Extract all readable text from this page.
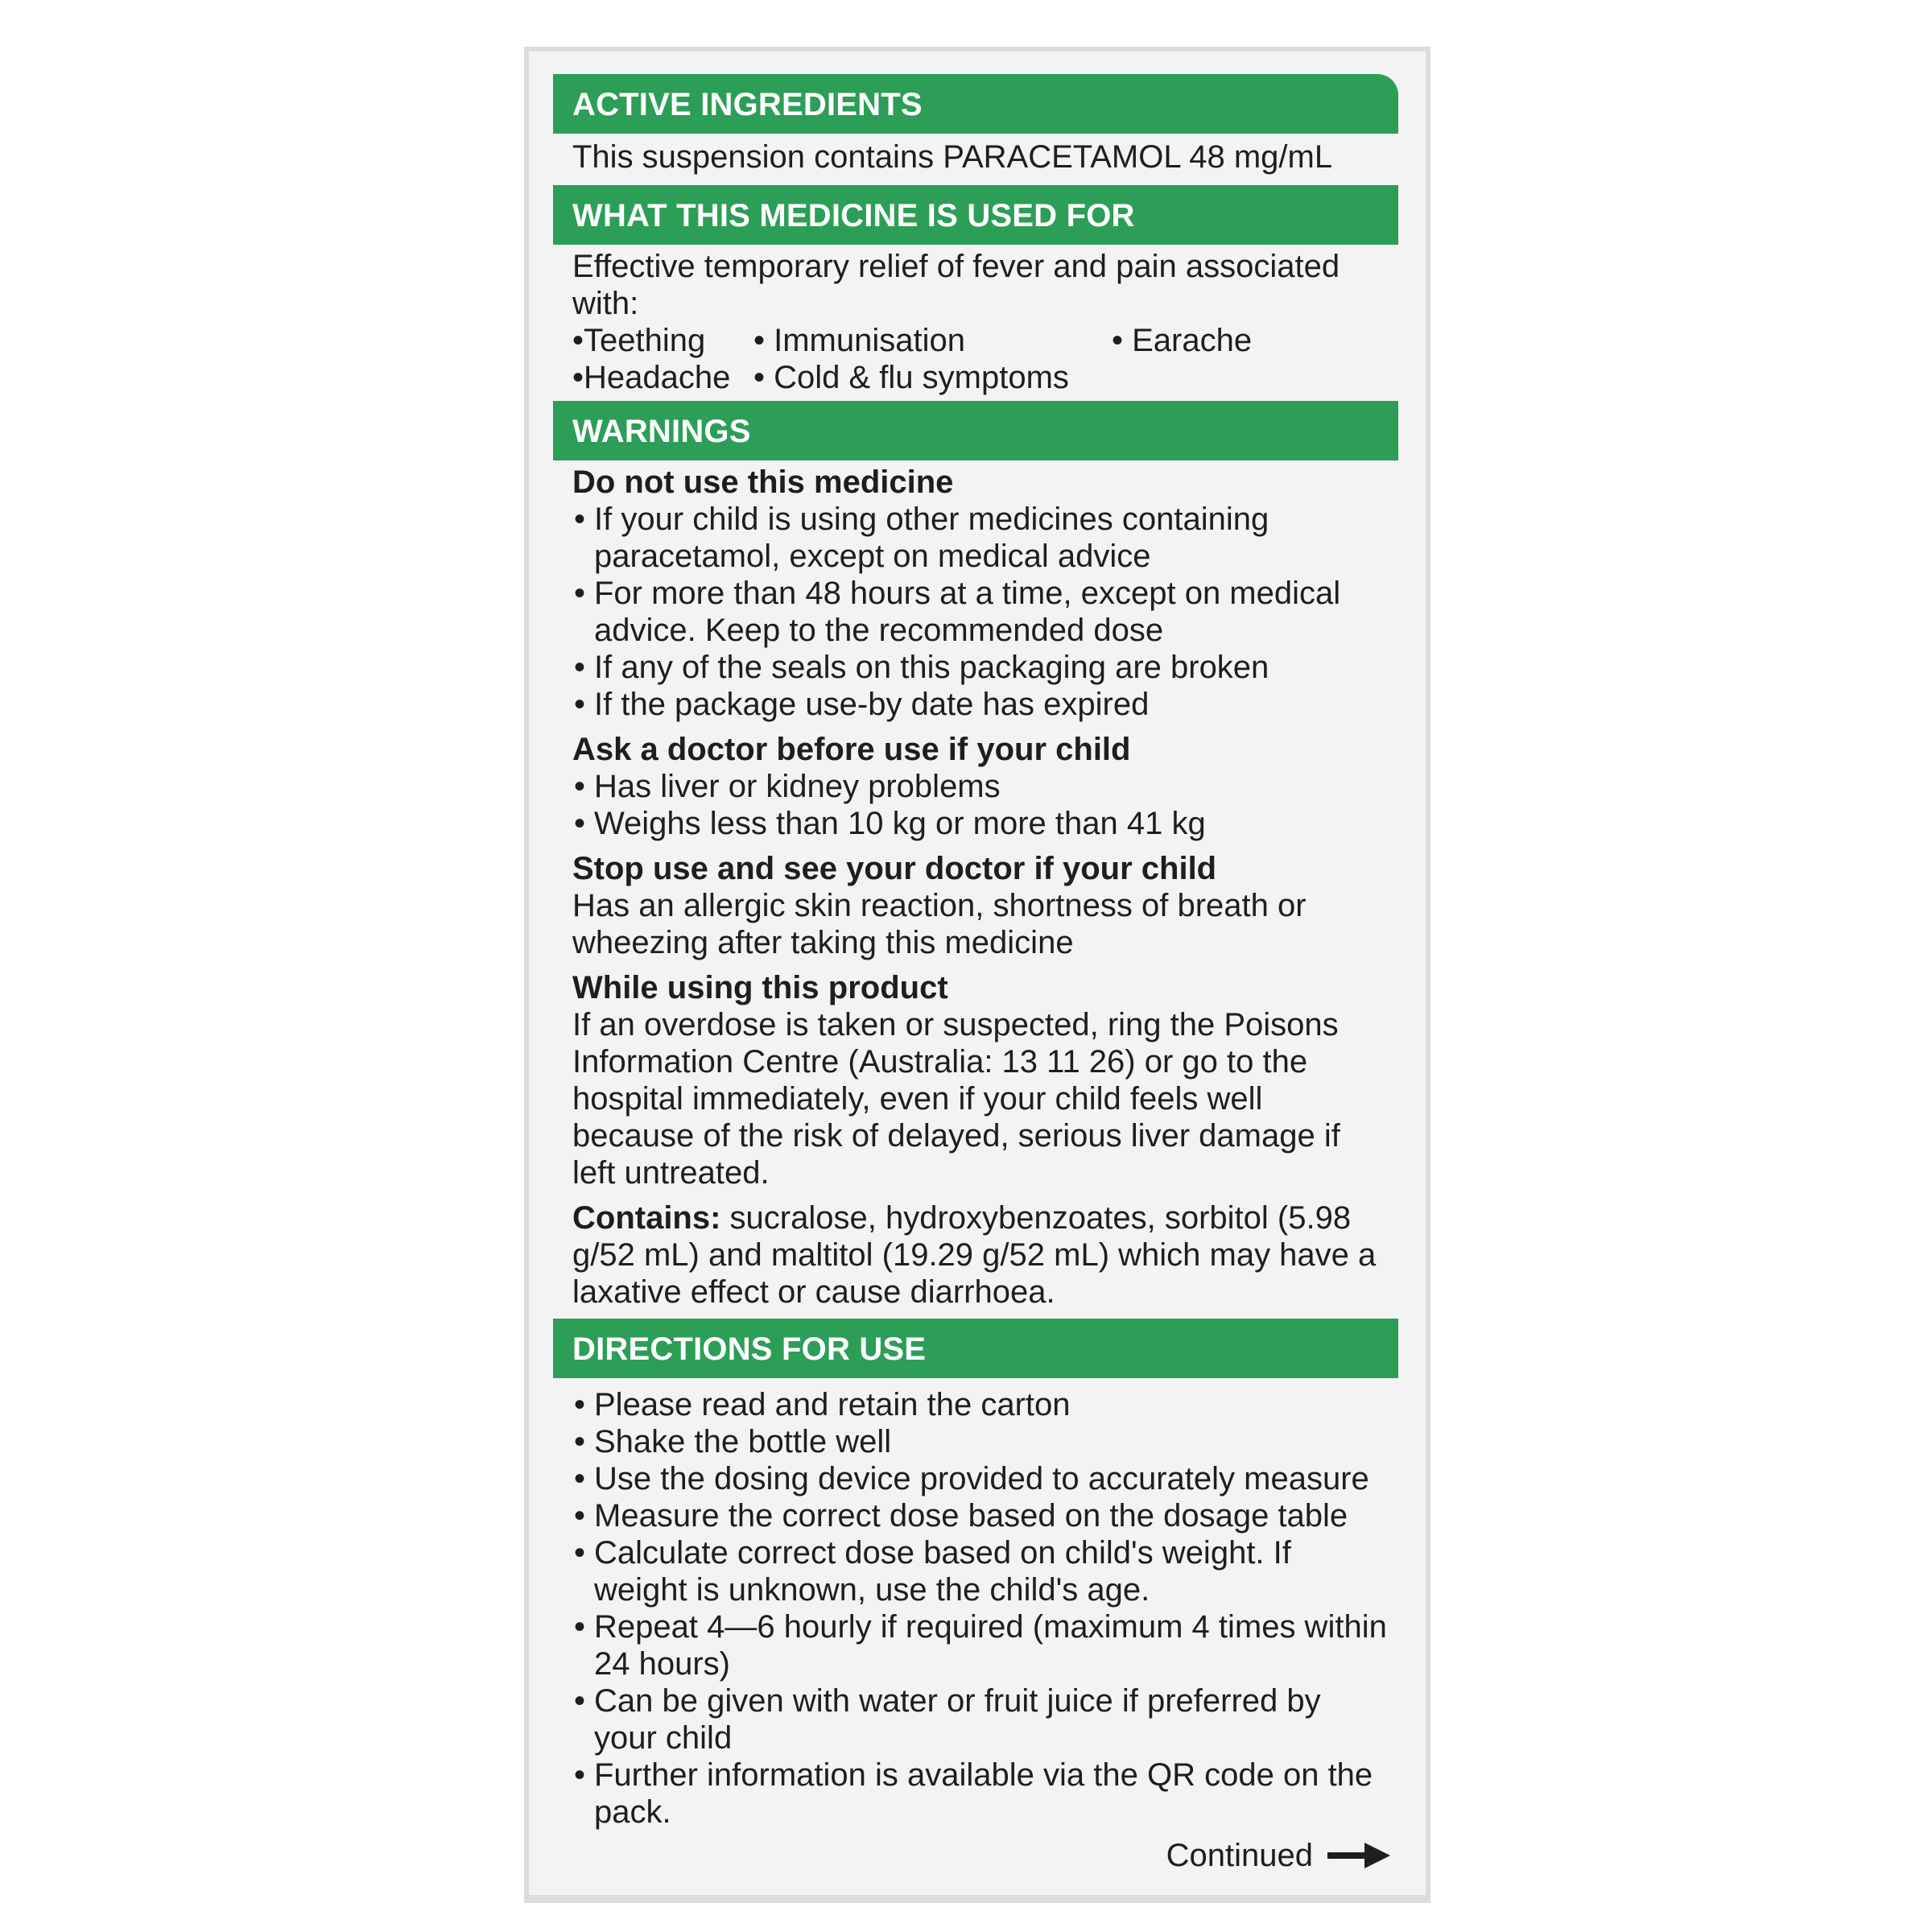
ACTIVE INGREDIENTS
This suspension contains PARACETAMOL 48 mg/mL
WHAT THIS MEDICINE IS USED FOR
Effective temporary relief of fever and pain associated with:
•Teething • Immunisation	• Earache
•Headache • Cold & flu symptoms
WARNINGS
Do not use this medicine
• If your child is using other medicines containing paracetamol, except on medical advice
• For more than 48 hours at a time, except on medical advice. Keep to the recommended dose
• If any of the seals on this packaging are broken
• If the package use-by date has expired
Ask a doctor before use if your child
• Has liver or kidney problems
• Weighs less than 10 kg or more than 41 kg
Stop use and see your doctor if your child
Has an allergic skin reaction, shortness of breath or wheezing after taking this medicine
While using this product
If an overdose is taken or suspected, ring the Poisons Information Centre (Australia: 13 11 26) or go to the hospital immediately, even if your child feels well because of the risk of delayed, serious liver damage if left untreated.
Contains: sucralose, hydroxybenzoates, sorbitol (5.98 g/52 mL) and maltitol (19.29 g/52 mL) which may have a laxative effect or cause diarrhoea.
DIRECTIONS FOR USE
• Please read and retain the carton
• Shake the bottle well
• Use the dosing device provided to accurately measure
• Measure the correct dose based on the dosage table
• Calculate correct dose based on child's weight. If weight is unknown, use the child's age.
• Repeat 4—6 hourly if required (maximum 4 times within 24 hours)
• Can be given with water or fruit juice if preferred by your child
• Further information is available via the QR code on the pack.
Continued
